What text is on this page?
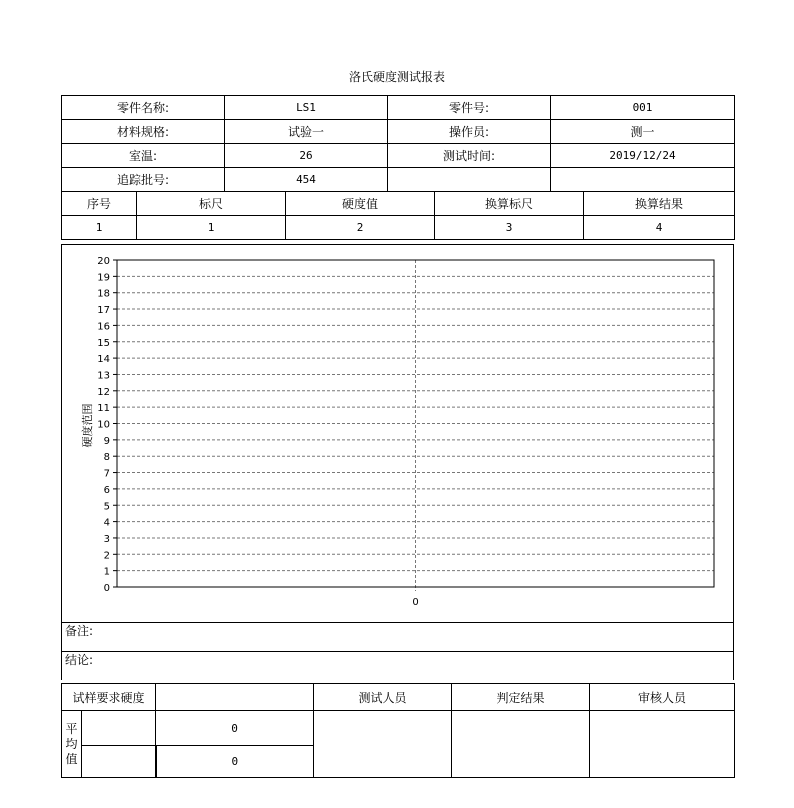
洛氏硬度测试报表
零件名称:	LS1	零件号:	001
材料规格:	试验一	操作员:	测一
室温:	26	测试时间:	2019/12/24
追踪批号:	454		
序号	标尺	硬度值	换算标尺	换算结果
1	1	2	3	4
0
1
2
3
4
5
6
7
8
9
10
11
12
13
14
15
16
17
18
19
20
0
硬度范围
备注:
结论:
试样要求硬度			测试人员	判定结果	审核人员

平
均
值		0			
		0			
